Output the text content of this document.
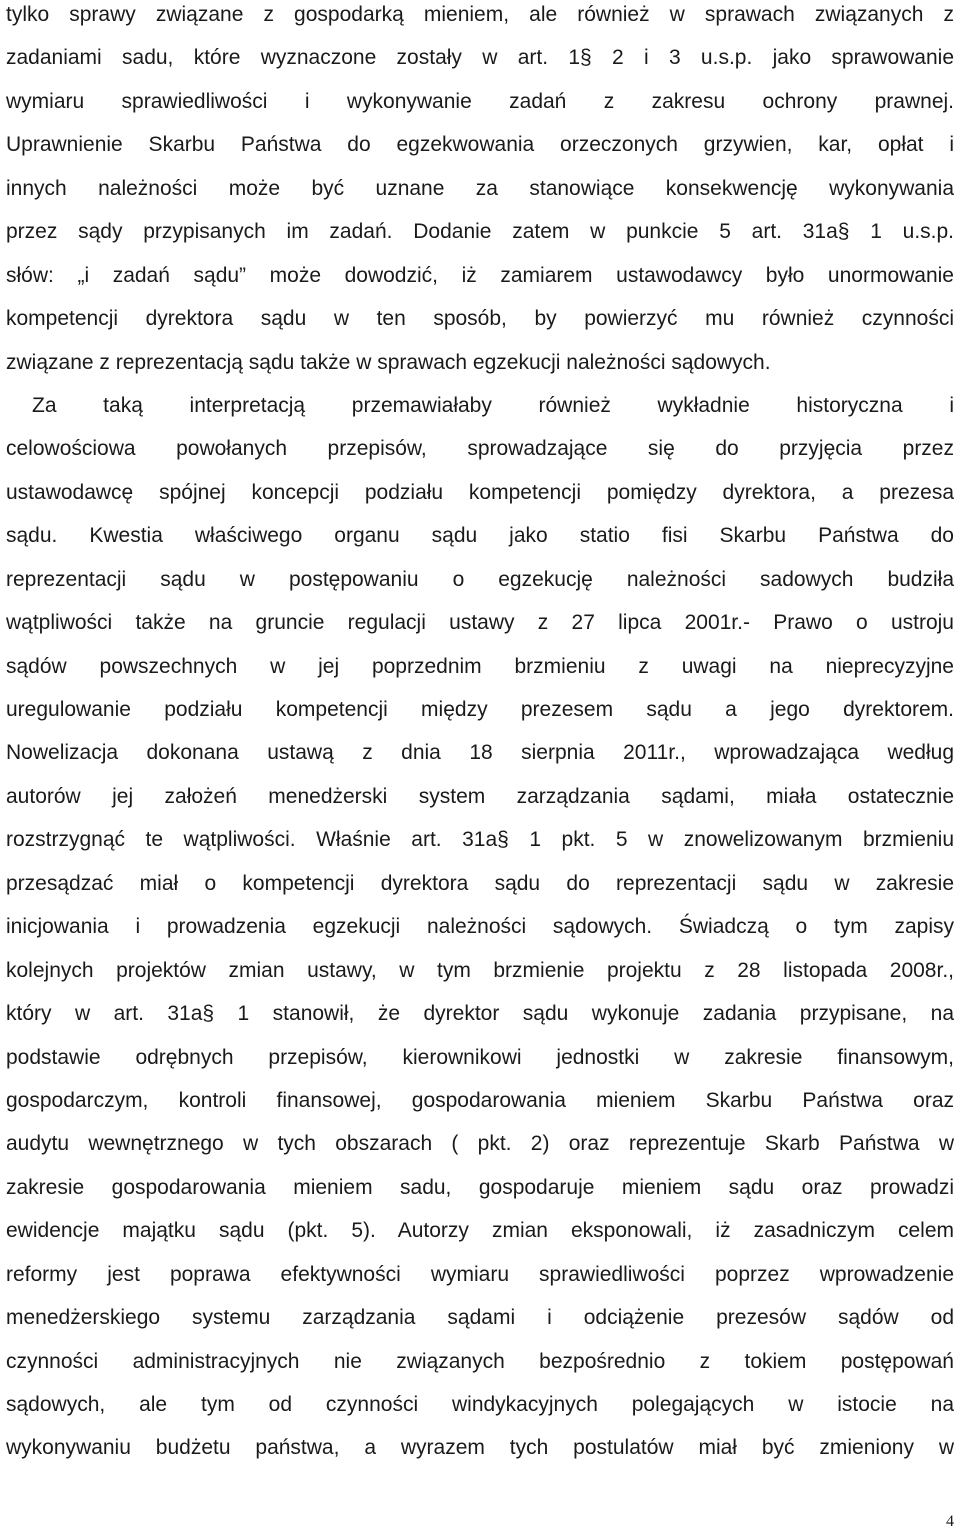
tylko sprawy związane z gospodarką mieniem, ale również w sprawach związanych z
zadaniami sadu, które wyznaczone zostały w art. 1§ 2 i 3 u.s.p. jako sprawowanie
wymiaru sprawiedliwości i wykonywanie zadań z zakresu ochrony prawnej.
Uprawnienie Skarbu Państwa do egzekwowania orzeczonych grzywien, kar, opłat i
innych należności może być uznane za stanowiące konsekwencję wykonywania
przez sądy przypisanych im zadań. Dodanie zatem w punkcie 5 art. 31a§ 1 u.s.p.
słów: „i zadań sądu” może dowodzić, iż zamiarem ustawodawcy było unormowanie
kompetencji dyrektora sądu w ten sposób, by powierzyć mu również czynności
związane z reprezentacją sądu także w sprawach egzekucji należności sądowych.
Za taką interpretacją przemawiałaby również wykładnie historyczna i
celowościowa powołanych przepisów, sprowadzające się do przyjęcia przez
ustawodawcę spójnej koncepcji podziału kompetencji pomiędzy dyrektora, a prezesa
sądu. Kwestia właściwego organu sądu jako statio fisi Skarbu Państwa do
reprezentacji sądu w postępowaniu o egzekucję należności sadowych budziła
wątpliwości także na gruncie regulacji ustawy z 27 lipca 2001r.- Prawo o ustroju
sądów powszechnych w jej poprzednim brzmieniu z uwagi na nieprecyzyjne
uregulowanie podziału kompetencji między prezesem sądu a jego dyrektorem.
Nowelizacja dokonana ustawą z dnia 18 sierpnia 2011r., wprowadzająca według
autorów jej założeń menedżerski system zarządzania sądami, miała ostatecznie
rozstrzygnąć te wątpliwości. Właśnie art. 31a§ 1 pkt. 5 w znowelizowanym brzmieniu
przesądzać miał o kompetencji dyrektora sądu do reprezentacji sądu w zakresie
inicjowania i prowadzenia egzekucji należności sądowych. Świadczą o tym zapisy
kolejnych projektów zmian ustawy, w tym brzmienie projektu z 28 listopada 2008r.,
który w art. 31a§ 1 stanowił, że dyrektor sądu wykonuje zadania przypisane, na
podstawie odrębnych przepisów, kierownikowi jednostki w zakresie finansowym,
gospodarczym, kontroli finansowej, gospodarowania mieniem Skarbu Państwa oraz
audytu wewnętrznego w tych obszarach ( pkt. 2) oraz reprezentuje Skarb Państwa w
zakresie gospodarowania mieniem sadu, gospodaruje mieniem sądu oraz prowadzi
ewidencje majątku sądu (pkt. 5). Autorzy zmian eksponowali, iż zasadniczym celem
reformy jest poprawa efektywności wymiaru sprawiedliwości poprzez wprowadzenie
menedżerskiego systemu zarządzania sądami i odciążenie prezesów sądów od
czynności administracyjnych nie związanych bezpośrednio z tokiem postępowań
sądowych, ale tym od czynności windykacyjnych polegających w istocie na
wykonywaniu budżetu państwa, a wyrazem tych postulatów miał być zmieniony w
4
